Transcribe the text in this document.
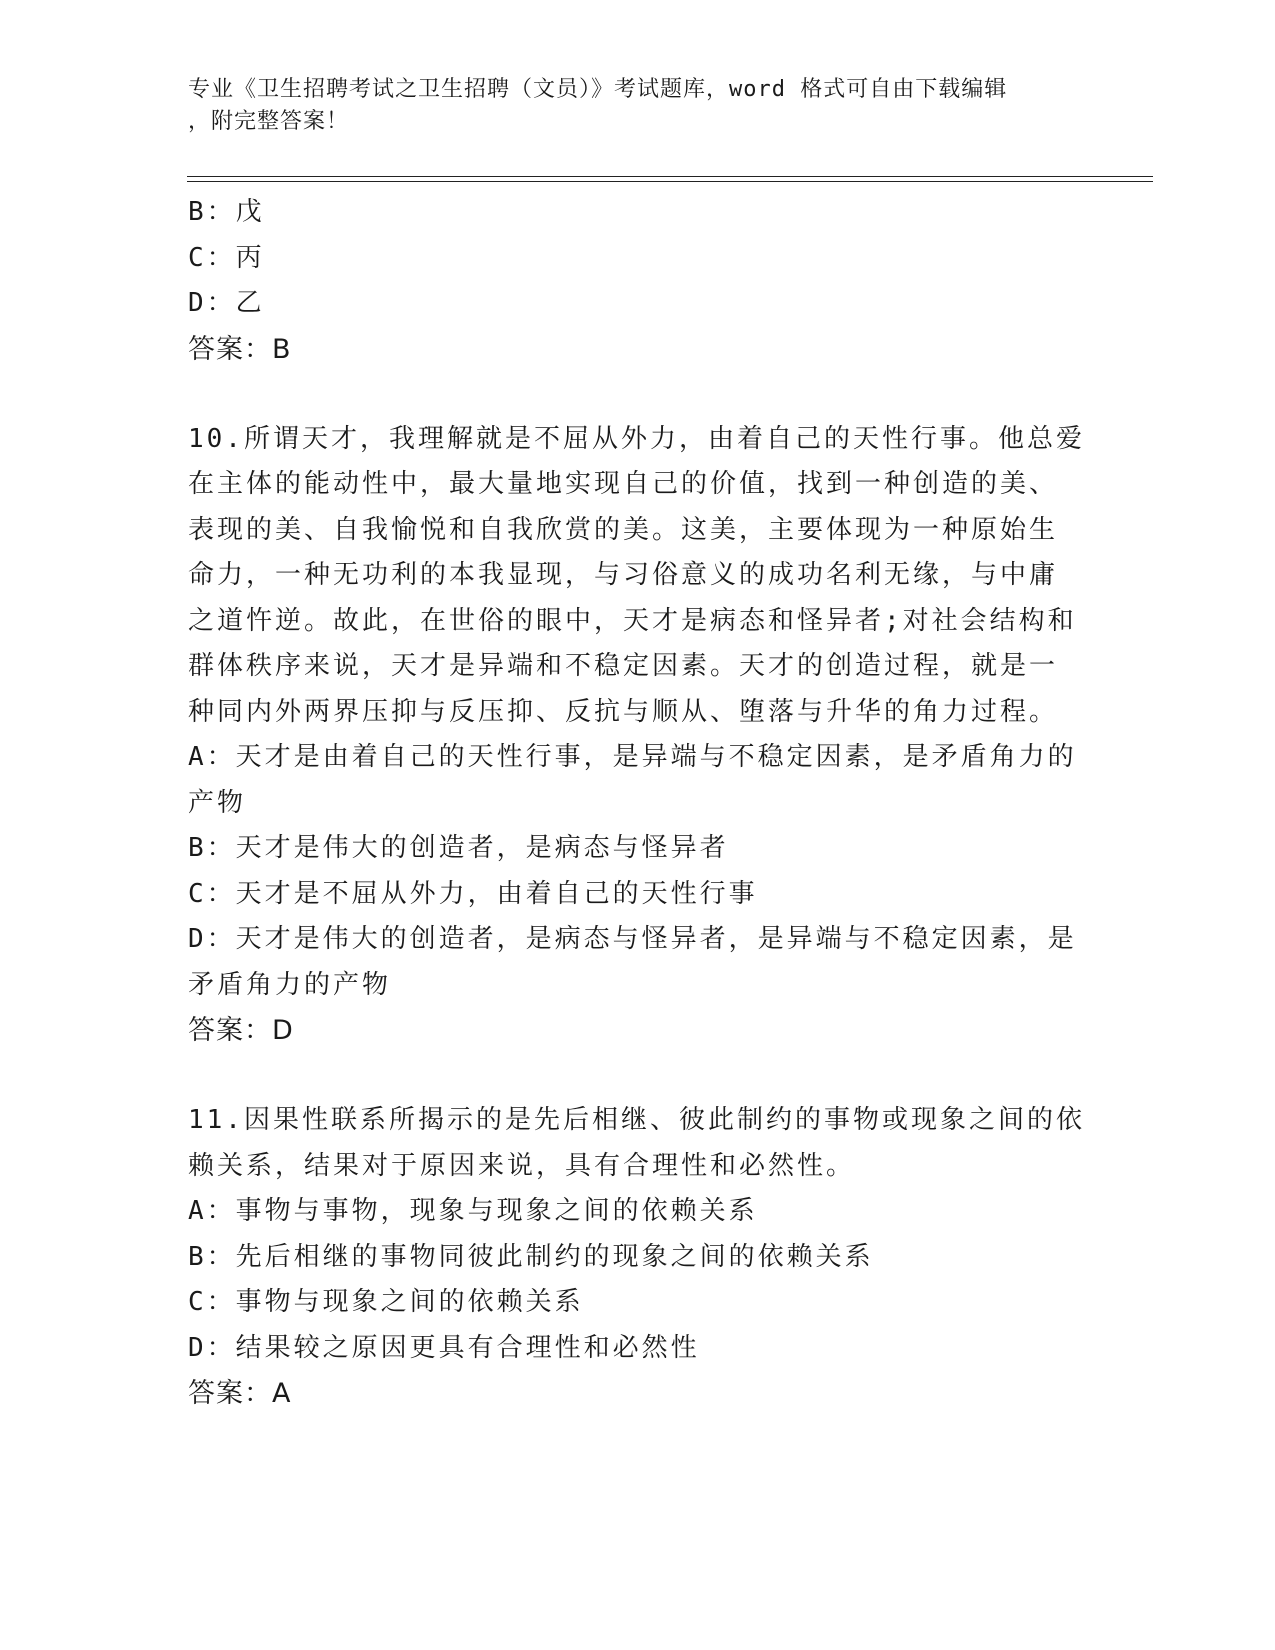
专业《卫生招聘考试之卫生招聘（文员）》考试题库，word 格式可自由下载编辑
，附完整答案！
B：戊
C：丙
D：乙
答案：B
10.所谓天才，我理解就是不屈从外力，由着自己的天性行事。他总爱
在主体的能动性中，最大量地实现自己的价值，找到一种创造的美、
表现的美、自我愉悦和自我欣赏的美。这美，主要体现为一种原始生
命力，一种无功利的本我显现，与习俗意义的成功名利无缘，与中庸
之道忤逆。故此，在世俗的眼中，天才是病态和怪异者;对社会结构和
群体秩序来说，天才是异端和不稳定因素。天才的创造过程，就是一
种同内外两界压抑与反压抑、反抗与顺从、堕落与升华的角力过程。
A：天才是由着自己的天性行事，是异端与不稳定因素，是矛盾角力的
产物
B：天才是伟大的创造者，是病态与怪异者
C：天才是不屈从外力，由着自己的天性行事
D：天才是伟大的创造者，是病态与怪异者，是异端与不稳定因素，是
矛盾角力的产物
答案：D
11.因果性联系所揭示的是先后相继、彼此制约的事物或现象之间的依
赖关系，结果对于原因来说，具有合理性和必然性。
A：事物与事物，现象与现象之间的依赖关系
B：先后相继的事物同彼此制约的现象之间的依赖关系
C：事物与现象之间的依赖关系
D：结果较之原因更具有合理性和必然性
答案：A
